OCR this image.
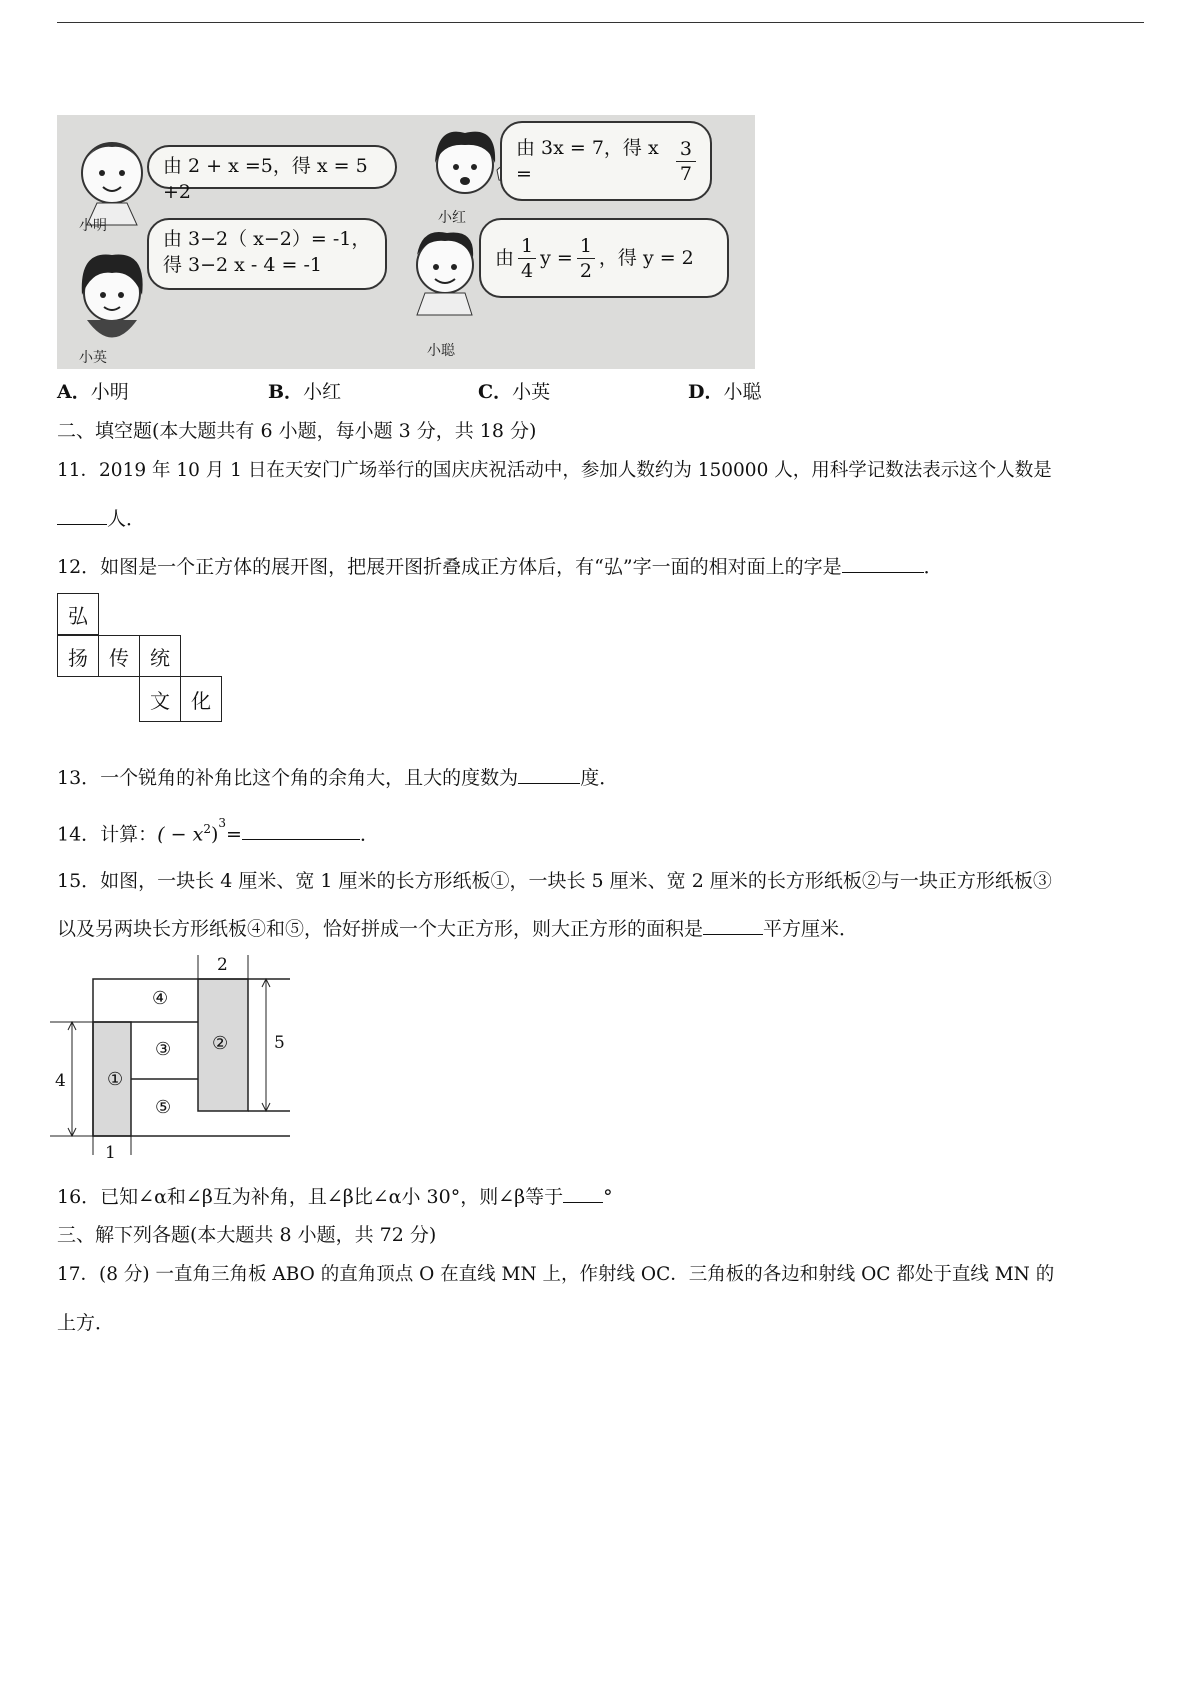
小明	小红
小英	小聪
由 2 + x =5，得 x = 5 +2
由 3x = 7，得 x =	$\frac{3}{7}$
由 3−2（ x−2）= -1，
得 3−2 x - 4 = -1	由 $\frac{1}{4}$ $y = \frac{1}{2}$ ，得 y = 2
A．小明	B．小红	C．小英	D．小聪
二、填空题(本大题共有 6 小题，每小题 3 分，共 18 分)
11．2019 年 10 月 1 日在天安门广场举行的国庆庆祝活动中，参加人数约为 150000 人，用科学记数法表示这个人数是
人．
12．如图是一个正方体的展开图，把展开图折叠成正方体后，有“弘”字一面的相对面上的字是	．
弘
扬	传	统
文	化
13．一个锐角的补角比这个角的余角大，且大的度数为	度．
14．计算：( − $x^2)^3=$	．
15．如图，一块长 4 厘米、宽 1 厘米的长方形纸板①，一块长 5 厘米、宽 2 厘米的长方形纸板②与一块正方形纸板③
以及另两块长方形纸板④和⑤，恰好拼成一个大正方形，则大正方形的面积是	平方厘米．
①
②
③
④
⑤
2
5
4
1
16．已知∠α和∠β互为补角，且∠β比∠α小 30°，则∠β等于 °
三、解下列各题(本大题共 8 小题，共 72 分)
17．(8 分) 一直角三角板 ABO 的直角顶点 O 在直线 MN 上，作射线 OC．三角板的各边和射线 OC 都处于直线 MN 的
上方．
